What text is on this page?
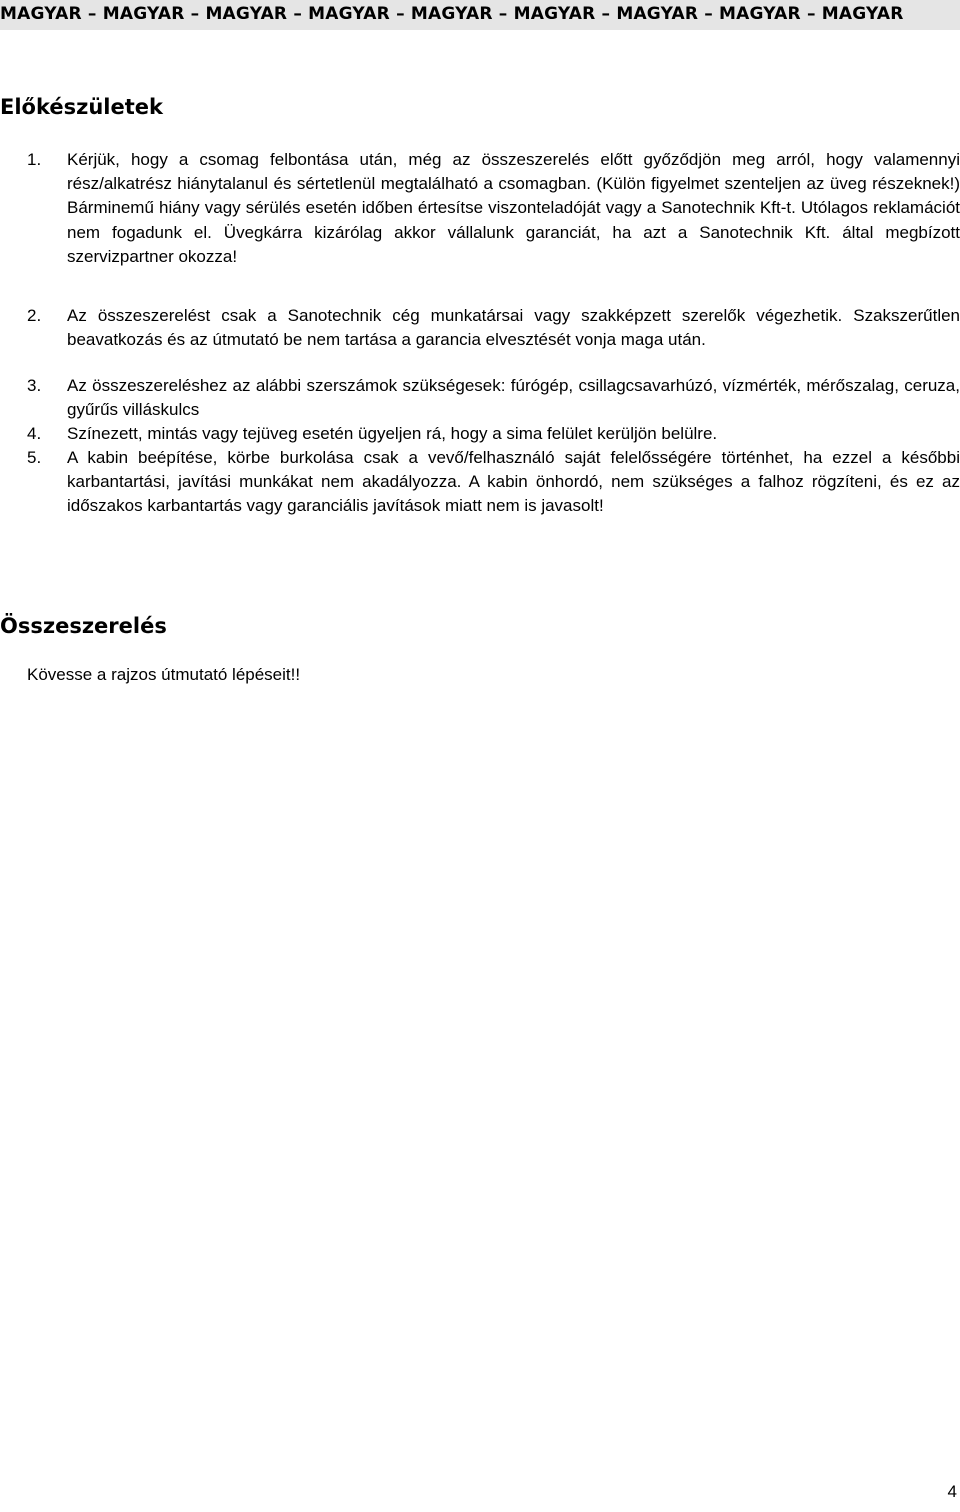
MAGYAR – MAGYAR – MAGYAR – MAGYAR – MAGYAR – MAGYAR – MAGYAR – MAGYAR – MAGYAR
Előkészületek
1. Kérjük, hogy a csomag felbontása után, még az összeszerelés előtt győződjön meg arról, hogy valamennyi rész/alkatrész hiánytalanul és sértetlenül megtalálható a csomagban. (Külön figyelmet szenteljen az üveg részeknek!) Bárminemű hiány vagy sérülés esetén időben értesítse viszonteladóját vagy a Sanotechnik Kft-t. Utólagos reklamációt nem fogadunk el. Üvegkárra kizárólag akkor vállalunk garanciát, ha azt a Sanotechnik Kft. által megbízott szervizpartner okozza!
2. Az összeszerelést csak a Sanotechnik cég munkatársai vagy szakképzett szerelők végezhetik. Szakszerűtlen beavatkozás és az útmutató be nem tartása a garancia elvesztését vonja maga után.
3. Az összeszereléshez az alábbi szerszámok szükségesek: fúrógép, csillagcsavarhúzó, vízmérték, mérőszalag, ceruza, gyűrűs villáskulcs
4. Színezett, mintás vagy tejüveg esetén ügyeljen rá, hogy a sima felület kerüljön belülre.
5. A kabin beépítése, körbe burkolása csak a vevő/felhasználó saját felelősségére történhet, ha ezzel a későbbi karbantartási, javítási munkákat nem akadályozza. A kabin önhordó, nem szükséges a falhoz rögzíteni, és ez az időszakos karbantartás vagy garanciális javítások miatt nem is javasolt!
Összeszerelés
Kövesse a rajzos útmutató lépéseit!!
4
